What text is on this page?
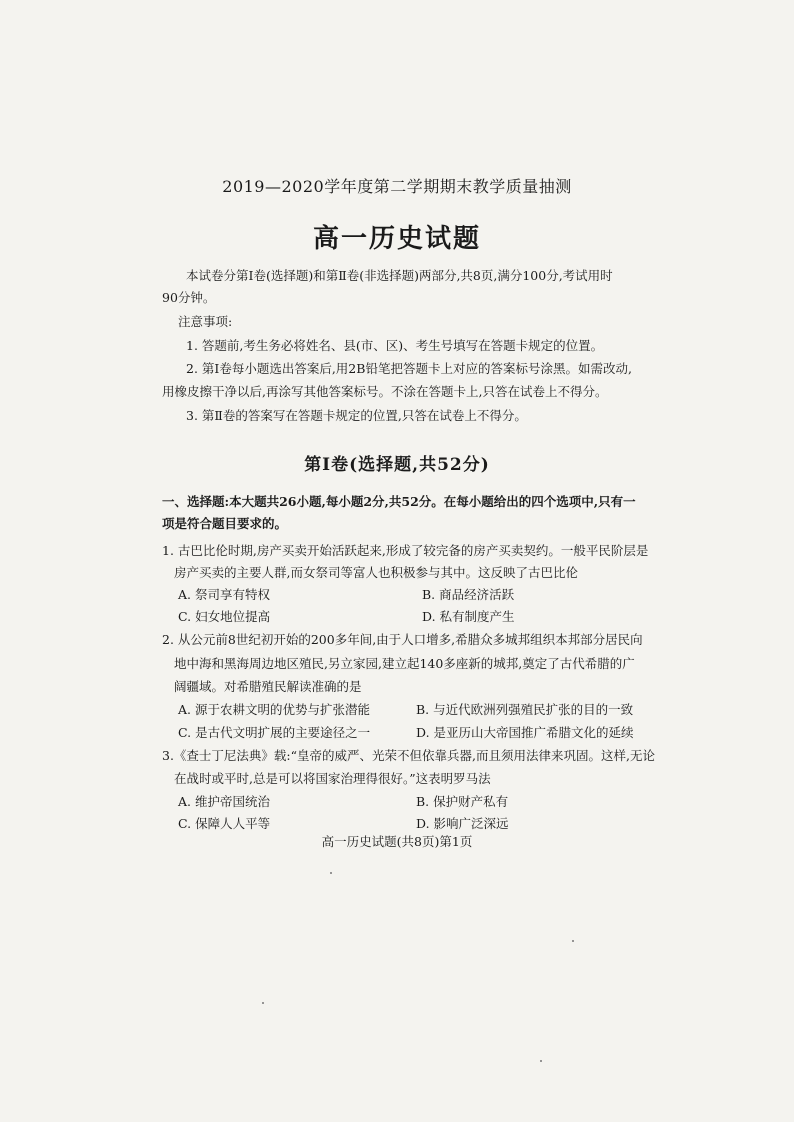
2019—2020学年度第二学期期末教学质量抽测
高一历史试题
本试卷分第Ⅰ卷(选择题)和第Ⅱ卷(非选择题)两部分,共8页,满分100分,考试用时
90分钟。
注意事项:
1. 答题前,考生务必将姓名、县(市、区)、考生号填写在答题卡规定的位置。
2. 第Ⅰ卷每小题选出答案后,用2B铅笔把答题卡上对应的答案标号涂黑。如需改动,
用橡皮擦干净以后,再涂写其他答案标号。不涂在答题卡上,只答在试卷上不得分。
3. 第Ⅱ卷的答案写在答题卡规定的位置,只答在试卷上不得分。
第Ⅰ卷(选择题,共52分)
一、选择题:本大题共26小题,每小题2分,共52分。在每小题给出的四个选项中,只有一
项是符合题目要求的。
1. 古巴比伦时期,房产买卖开始活跃起来,形成了较完备的房产买卖契约。一般平民阶层是
房产买卖的主要人群,而女祭司等富人也积极参与其中。这反映了古巴比伦
A. 祭司享有特权	B. 商品经济活跃
C. 妇女地位提高	D. 私有制度产生
2. 从公元前8世纪初开始的200多年间,由于人口增多,希腊众多城邦组织本邦部分居民向
地中海和黑海周边地区殖民,另立家园,建立起140多座新的城邦,奠定了古代希腊的广
阔疆域。对希腊殖民解读准确的是
A. 源于农耕文明的优势与扩张潜能	B. 与近代欧洲列强殖民扩张的目的一致
C. 是古代文明扩展的主要途径之一	D. 是亚历山大帝国推广希腊文化的延续
3.《查士丁尼法典》载:“皇帝的威严、光荣不但依靠兵器,而且须用法律来巩固。这样,无论
在战时或平时,总是可以将国家治理得很好。”这表明罗马法
A. 维护帝国统治	B. 保护财产私有
C. 保障人人平等	D. 影响广泛深远
高一历史试题(共8页)第1页
